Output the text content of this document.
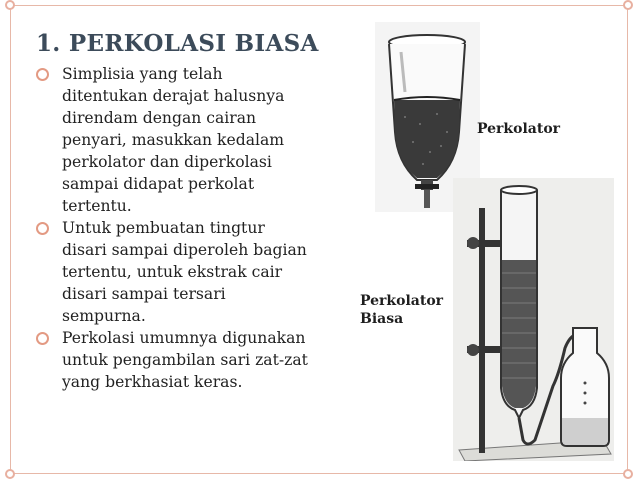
1. PERKOLASI BIASA
Simplisia yang telah
ditentukan derajat halusnya
direndam dengan cairan
penyari, masukkan kedalam
perkolator dan diperkolasi
sampai didapat perkolat
tertentu.
Untuk pembuatan tingtur
disari sampai diperoleh bagian
tertentu, untuk ekstrak cair
disari sampai tersari
sempurna.
Perkolasi umumnya digunakan
untuk pengambilan sari zat-zat
yang berkhasiat keras.
Perkolator
Perkolator
Biasa
